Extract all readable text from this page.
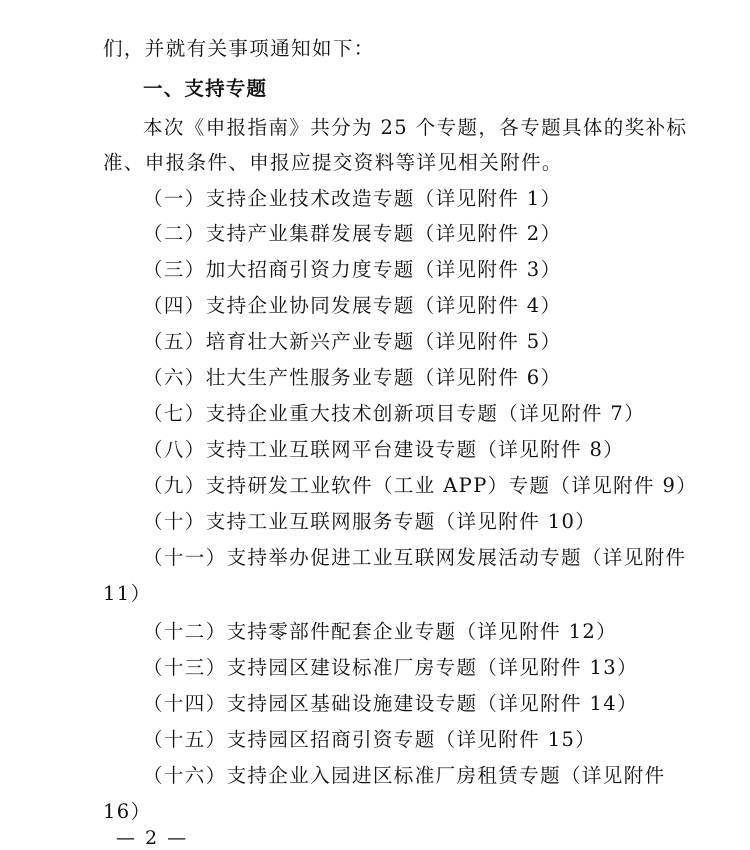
们，并就有关事项通知如下：
一、支持专题
本次《申报指南》共分为 25 个专题，各专题具体的奖补标
准、申报条件、申报应提交资料等详见相关附件。
（一）支持企业技术改造专题（详见附件 1）
（二）支持产业集群发展专题（详见附件 2）
（三）加大招商引资力度专题（详见附件 3）
（四）支持企业协同发展专题（详见附件 4）
（五）培育壮大新兴产业专题（详见附件 5）
（六）壮大生产性服务业专题（详见附件 6）
（七）支持企业重大技术创新项目专题（详见附件 7）
（八）支持工业互联网平台建设专题（详见附件 8）
（九）支持研发工业软件（工业 APP）专题（详见附件 9）
（十）支持工业互联网服务专题（详见附件 10）
（十一）支持举办促进工业互联网发展活动专题（详见附件
11）
（十二）支持零部件配套企业专题（详见附件 12）
（十三）支持园区建设标准厂房专题（详见附件 13）
（十四）支持园区基础设施建设专题（详见附件 14）
（十五）支持园区招商引资专题（详见附件 15）
（十六）支持企业入园进区标准厂房租赁专题（详见附件
16）
— 2 —
